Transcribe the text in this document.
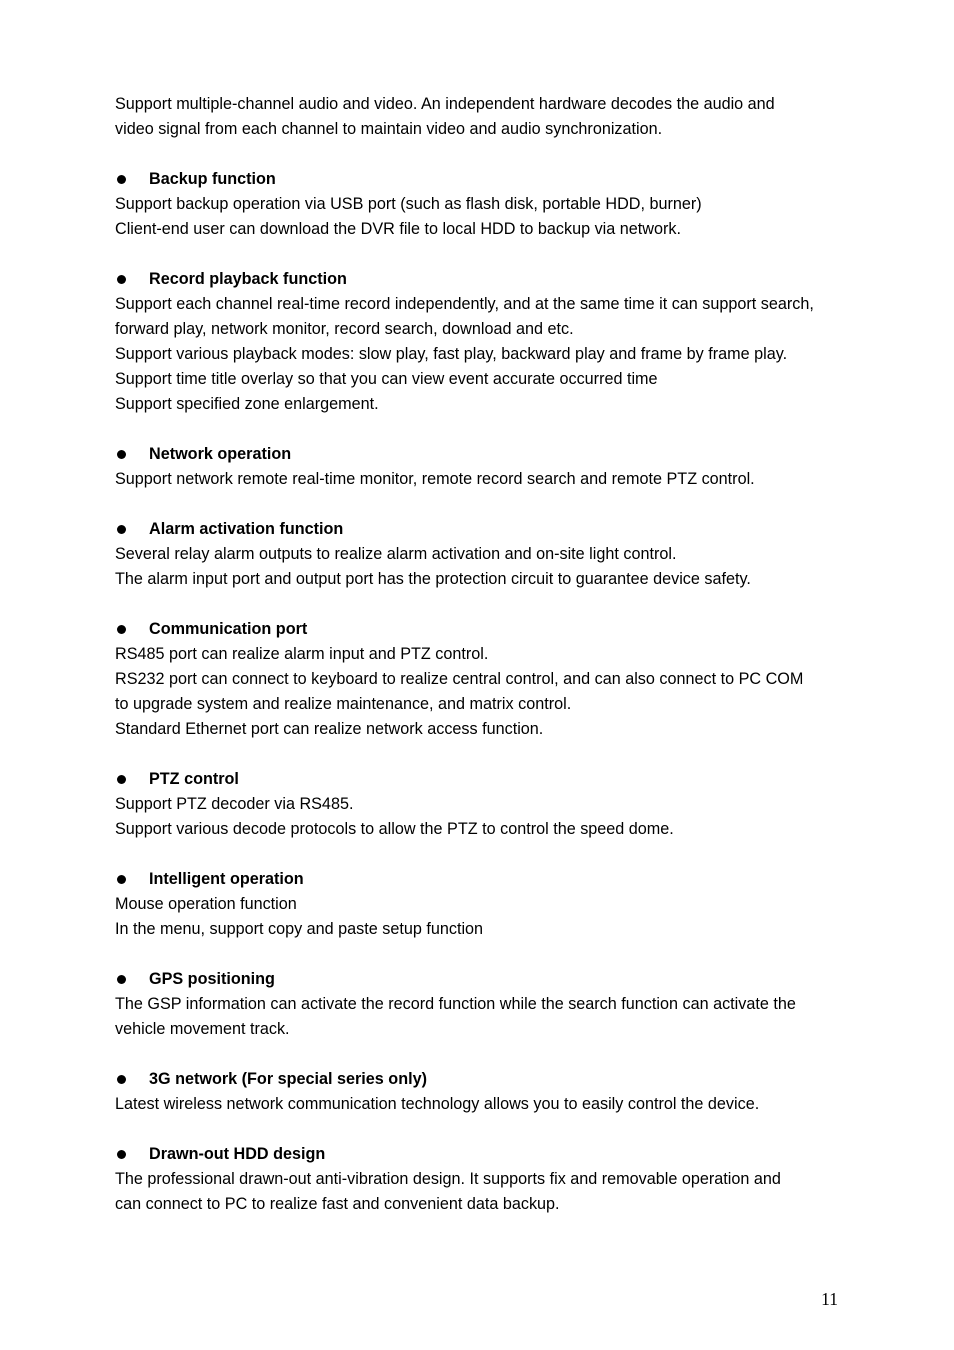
Support multiple-channel audio and video. An independent hardware decodes the audio and
video signal from each channel to maintain video and audio synchronization.

Backup function

Support backup operation via USB port (such as flash disk, portable HDD, burner)
Client-end user can download the DVR file to local HDD to backup via network.

Record playback function

Support each channel real-time record independently, and at the same time it can support search,
forward play, network monitor, record search, download and etc.
Support various playback modes: slow play, fast play, backward play and frame by frame play.
Support time title overlay so that you can view event accurate occurred time
Support specified zone enlargement.

Network operation

Support network remote real-time monitor, remote record search and remote PTZ control.

Alarm activation function

Several relay alarm outputs to realize alarm activation and on-site light control.
The alarm input port and output port has the protection circuit to guarantee device safety.

Communication port

RS485 port can realize alarm input and PTZ control.
RS232 port can connect to keyboard to realize central control, and can also connect to PC COM
to upgrade system and realize maintenance, and matrix control.
Standard Ethernet port can realize network access function.

PTZ control

Support PTZ decoder via RS485.
Support various decode protocols to allow the PTZ to control the speed dome.

Intelligent operation

Mouse operation function
In the menu, support copy and paste setup function

GPS positioning

The GSP information can activate the record function while the search function can activate the
vehicle movement track.

3G network (For special series only)

Latest wireless network communication technology allows you to easily control the device.

Drawn-out HDD design

The professional drawn-out anti-vibration design. It supports fix and removable operation and
can connect to PC to realize fast and convenient data backup.

11
